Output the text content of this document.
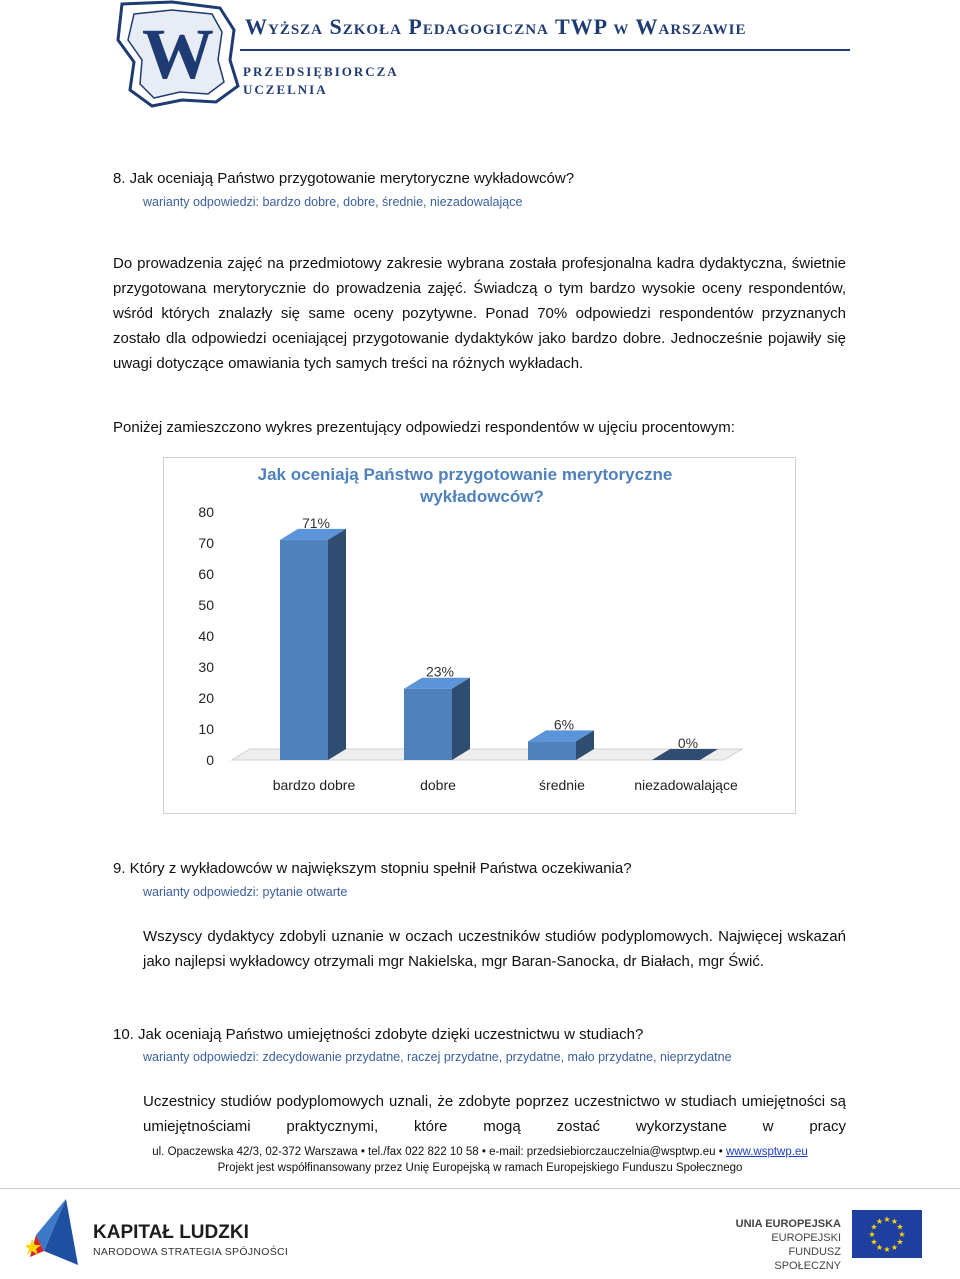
W Wyższa Szkoła Pedagogiczna TWP w Warszawie
PRZEDSIĘBIORCZA
UCZELNIA
8. Jak oceniają Państwo przygotowanie merytoryczne wykładowców?
warianty odpowiedzi: bardzo dobre, dobre, średnie, niezadowalające
Do prowadzenia zajęć na przedmiotowy zakresie wybrana została profesjonalna kadra dydaktyczna, świetnie przygotowana merytorycznie do prowadzenia zajęć. Świadczą o tym bardzo wysokie oceny respondentów, wśród których znalazły się same oceny pozytywne. Ponad 70% odpowiedzi respondentów przyznanych zostało dla odpowiedzi oceniającej przygotowanie dydaktyków jako bardzo dobre. Jednocześnie pojawiły się uwagi dotyczące omawiania tych samych treści na różnych wykładach.
Poniżej zamieszczono wykres prezentujący odpowiedzi respondentów w ujęciu procentowym:
Jak oceniają Państwo przygotowanie merytoryczne
wykładowców?
0
10
20
30
40
50
60
70
80
71%
bardzo dobre
23%
dobre
6%
średnie
0%
niezadowalające
9. Który z wykładowców w największym stopniu spełnił Państwa oczekiwania?
warianty odpowiedzi: pytanie otwarte
Wszyscy dydaktycy zdobyli uznanie w oczach uczestników studiów podyplomowych. Najwięcej wskazań jako najlepsi wykładowcy otrzymali mgr Nakielska, mgr Baran-Sanocka, dr Białach, mgr Świć.
10. Jak oceniają Państwo umiejętności zdobyte dzięki uczestnictwu w studiach?
warianty odpowiedzi: zdecydowanie przydatne, raczej przydatne, przydatne, mało przydatne, nieprzydatne
Uczestnicy studiów podyplomowych uznali, że zdobyte poprzez uczestnictwo w studiach umiejętności są umiejętnościami praktycznymi, które mogą zostać wykorzystane w pracy
ul. Opaczewska 42/3, 02-372 Warszawa • tel./fax 022 822 10 58 • e-mail: przedsiebiorczauczelnia@wsptwp.eu • www.wsptwp.eu
Projekt jest współfinansowany przez Unię Europejską w ramach Europejskiego Funduszu Społecznego
KAPITAŁ LUDZKI
NARODOWA STRATEGIA SPÓJNOŚCI
UNIA EUROPEJSKA
EUROPEJSKI
FUNDUSZ SPOŁECZNY
★ ★
★
★
★
★
★
★
★
★
★
★
